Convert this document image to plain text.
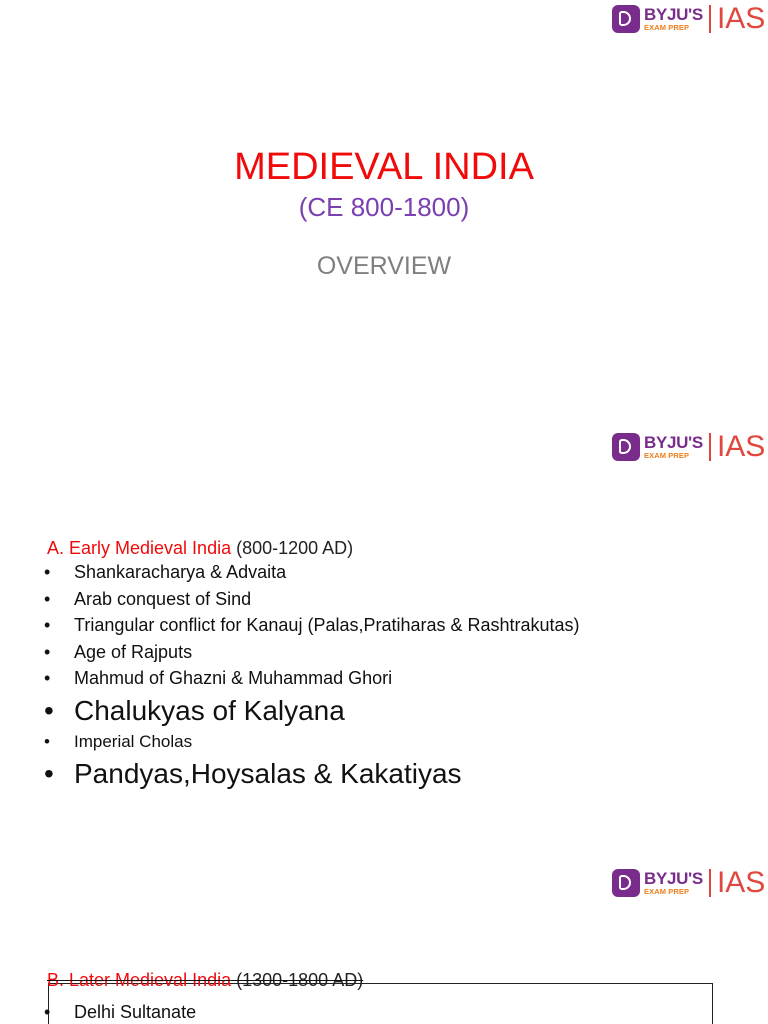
BYJU'S
EXAM PREP IAS
MEDIEVAL INDIA
(CE 800-1800)
OVERVIEW
BYJU'S
EXAM PREP IAS
A. Early Medieval India (800-1200 AD)
•	Shankaracharya & Advaita
•	Arab conquest of Sind
•	Triangular conflict for Kanauj (Palas,Pratiharas & Rashtrakutas)
•	Age of Rajputs
•	Mahmud of Ghazni & Muhammad Ghori
• Chalukyas of Kalyana
•	Imperial Cholas
• Pandyas,Hoysalas & Kakatiyas
BYJU'S
EXAM PREP IAS
B. Later Medieval India (1300-1800 AD)
•	Delhi Sultanate
